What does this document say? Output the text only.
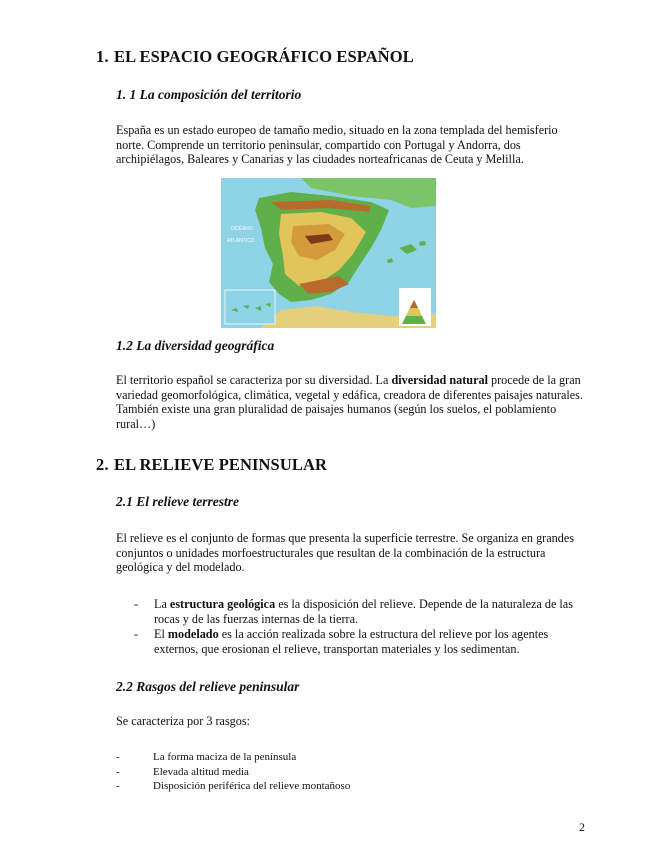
1. EL ESPACIO GEOGRÁFICO ESPAÑOL
1. 1 La composición del territorio

España es un estado europeo de tamaño medio, situado en la zona templada del hemisferio norte. Comprende un territorio peninsular, compartido con Portugal y Andorra, dos archipiélagos, Baleares y Canarias y las ciudades norteafricanas de Ceuta y Melilla.

OCÉANO
ATLÁNTICO
1.2 La diversidad geográfica

El territorio español se caracteriza por su diversidad. La diversidad natural procede de la gran variedad geomorfológica, climática, vegetal y edáfica, creadora de diferentes paisajes naturales. También existe una gran pluralidad de paisajes humanos (según los suelos, el poblamiento rural…)

2. EL RELIEVE PENINSULAR
2.1 El relieve terrestre

El relieve es el conjunto de formas que presenta la superficie terrestre. Se organiza en grandes conjuntos o unidades morfoestructurales que resultan de la combinación de la estructura geológica y del modelado.

- La estructura geológica es la disposición del relieve. Depende de la naturaleza de las rocas y de las fuerzas internas de la tierra.
- El modelado es la acción realizada sobre la estructura del relieve por los agentes externos, que erosionan el relieve, transportan materiales y los sedimentan.
2.2 Rasgos del relieve peninsular

Se caracteriza por 3 rasgos:

-	La forma maciza de la península
-	Elevada altitud media
-	Disposición periférica del relieve montañoso
2
